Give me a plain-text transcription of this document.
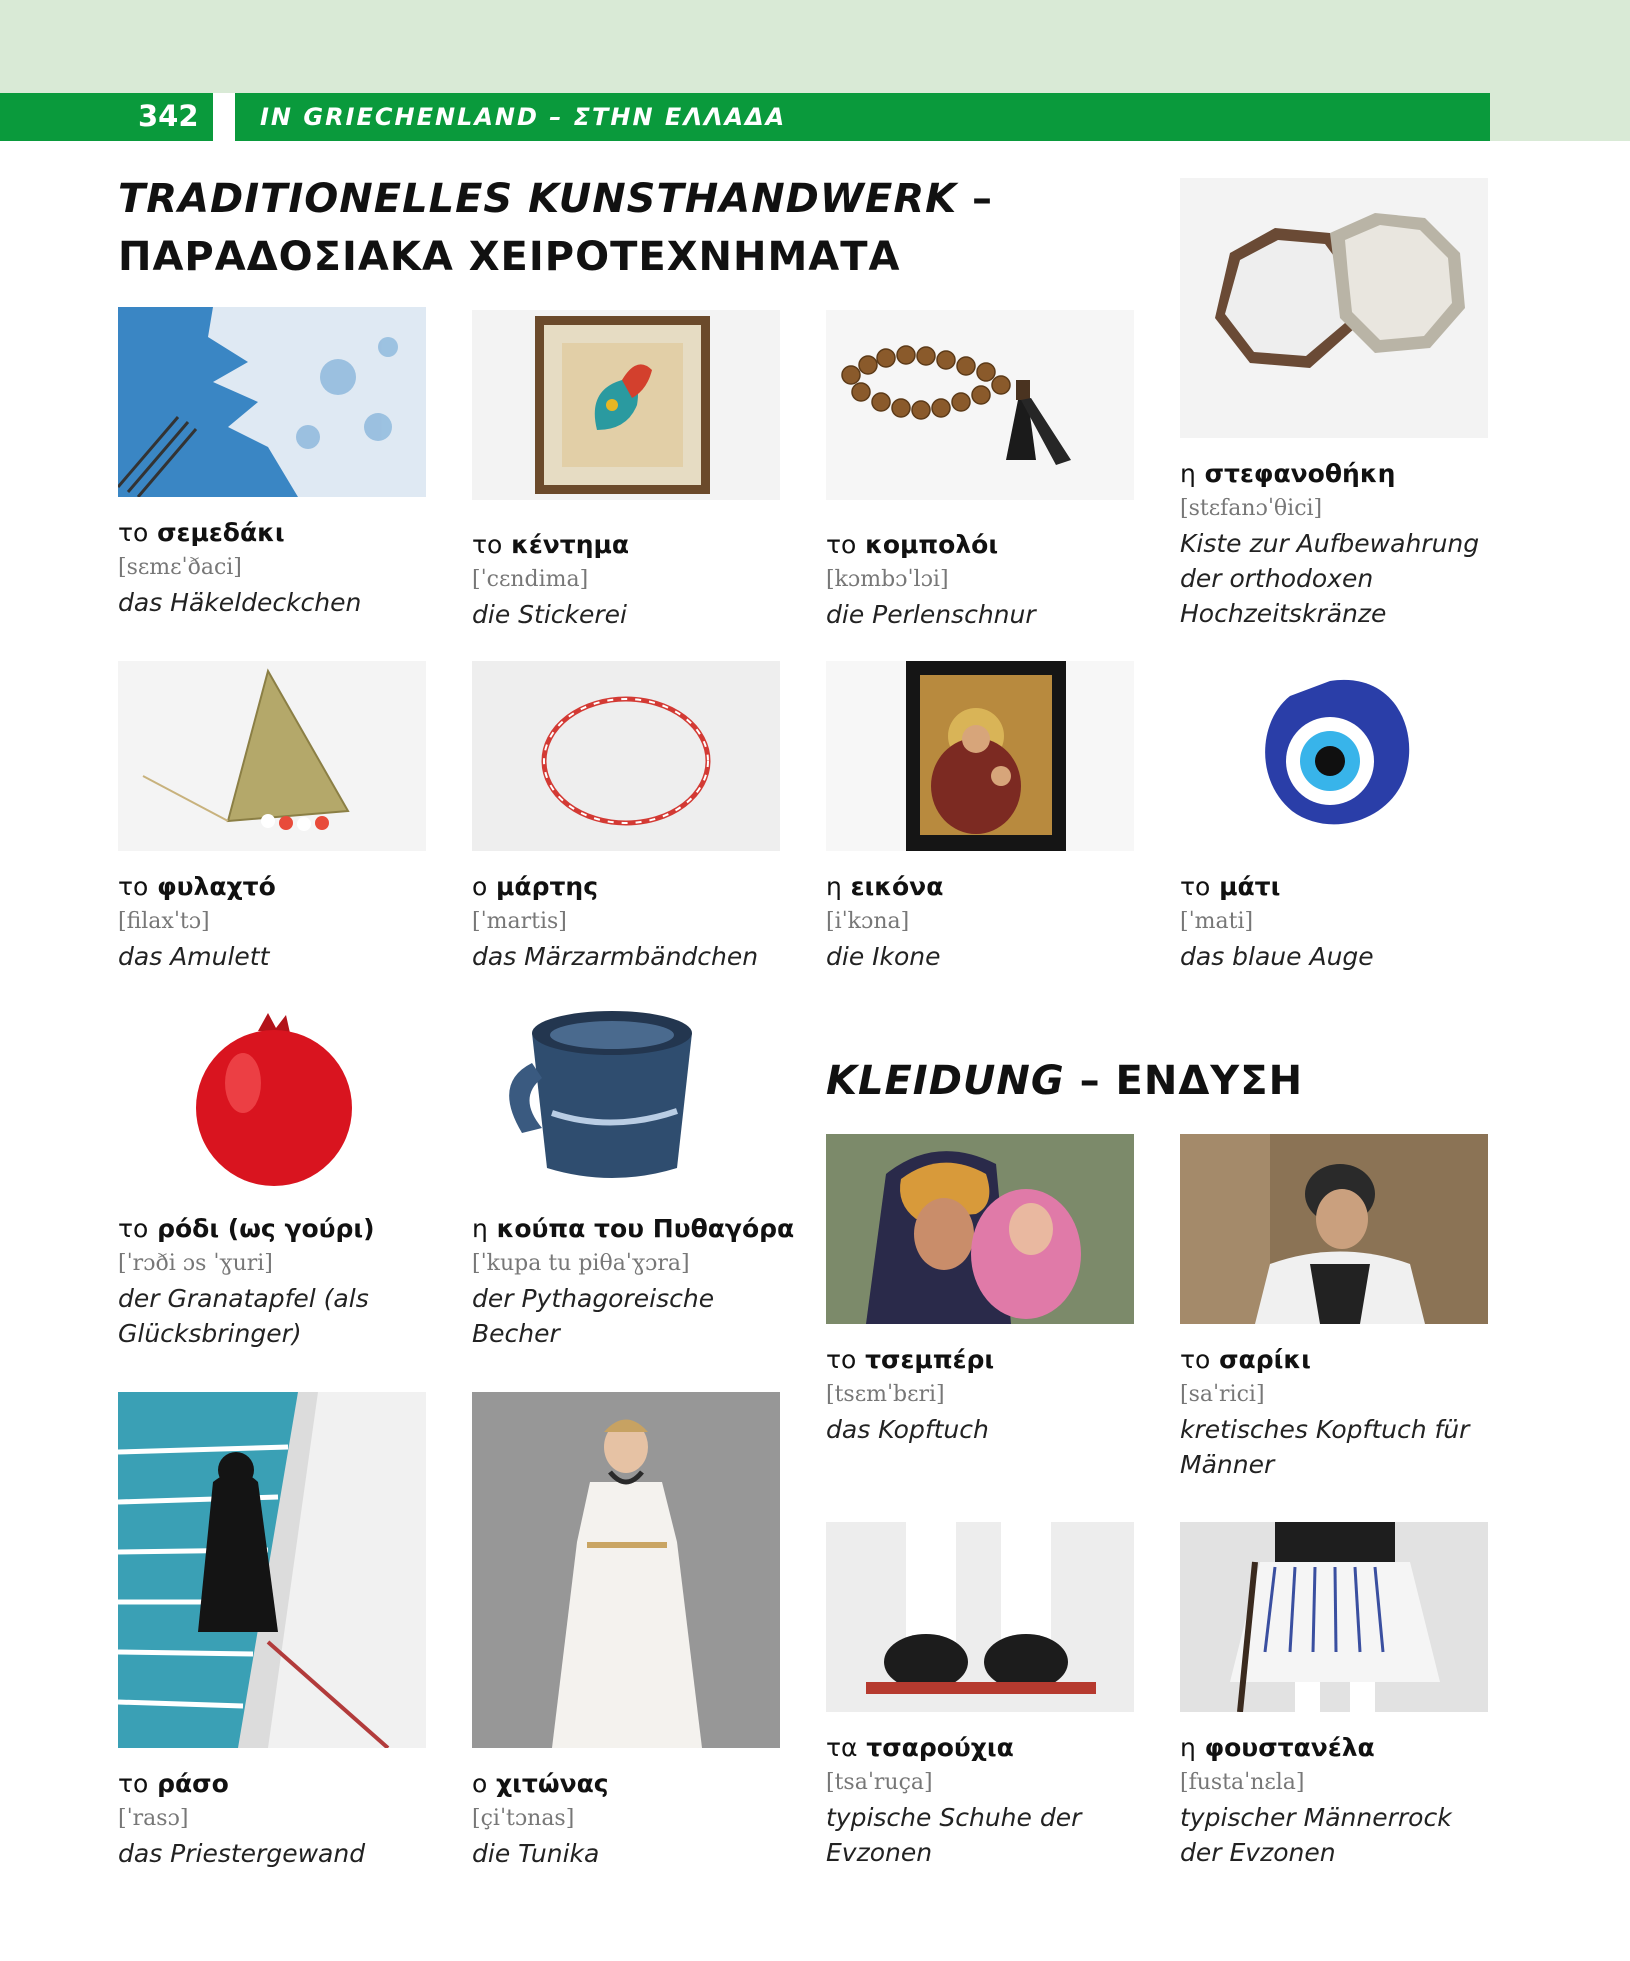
342	IN GRIECHENLAND – ΣΤΗΝ ΕΛΛΑΔΑ
TRADITIONELLES KUNSTHANDWERK –
ΠΑΡΑΔΟΣΙΑΚΑ ΧΕΙΡΟΤΕΧΝΗΜΑΤΑ
KLEIDUNG – ΕΝΔΥΣΗ
το σεμεδάκι
[sɛmɛˈðaci]
das Häkeldeckchen
το κέντημα
[ˈcɛndima]
die Stickerei
το κομπολόι
[kɔmbɔˈlɔi]
die Perlenschnur
η στεφανοθήκη
[stɛfanɔˈθici]
Kiste zur Aufbewahrung der orthodoxen Hochzeitskränze
το φυλαχτό
[filaxˈtɔ]
das Amulett
ο μάρτης
[ˈmartis]
das Märzarmbändchen
η εικόνα
[iˈkɔna]
die Ikone
το μάτι
[ˈmati]
das blaue Auge
το ρόδι (ως γούρι)
[ˈrɔði ɔs ˈɣuri]
der Granatapfel (als Glücksbringer)
η κούπα του Πυθαγόρα
[ˈkupa tu piθaˈɣɔra]
der Pythagoreische Becher
το τσεμπέρι
[tsɛmˈbɛri]
das Kopftuch
το σαρίκι
[saˈrici]
kretisches Kopftuch für Männer
το ράσο
[ˈrasɔ]
das Priestergewand
ο χιτώνας
[çiˈtɔnas]
die Tunika
τα τσαρούχια
[tsaˈruça]
typische Schuhe der Evzonen
η φουστανέλα
[fustaˈnɛla]
typischer Männerrock der Evzonen
